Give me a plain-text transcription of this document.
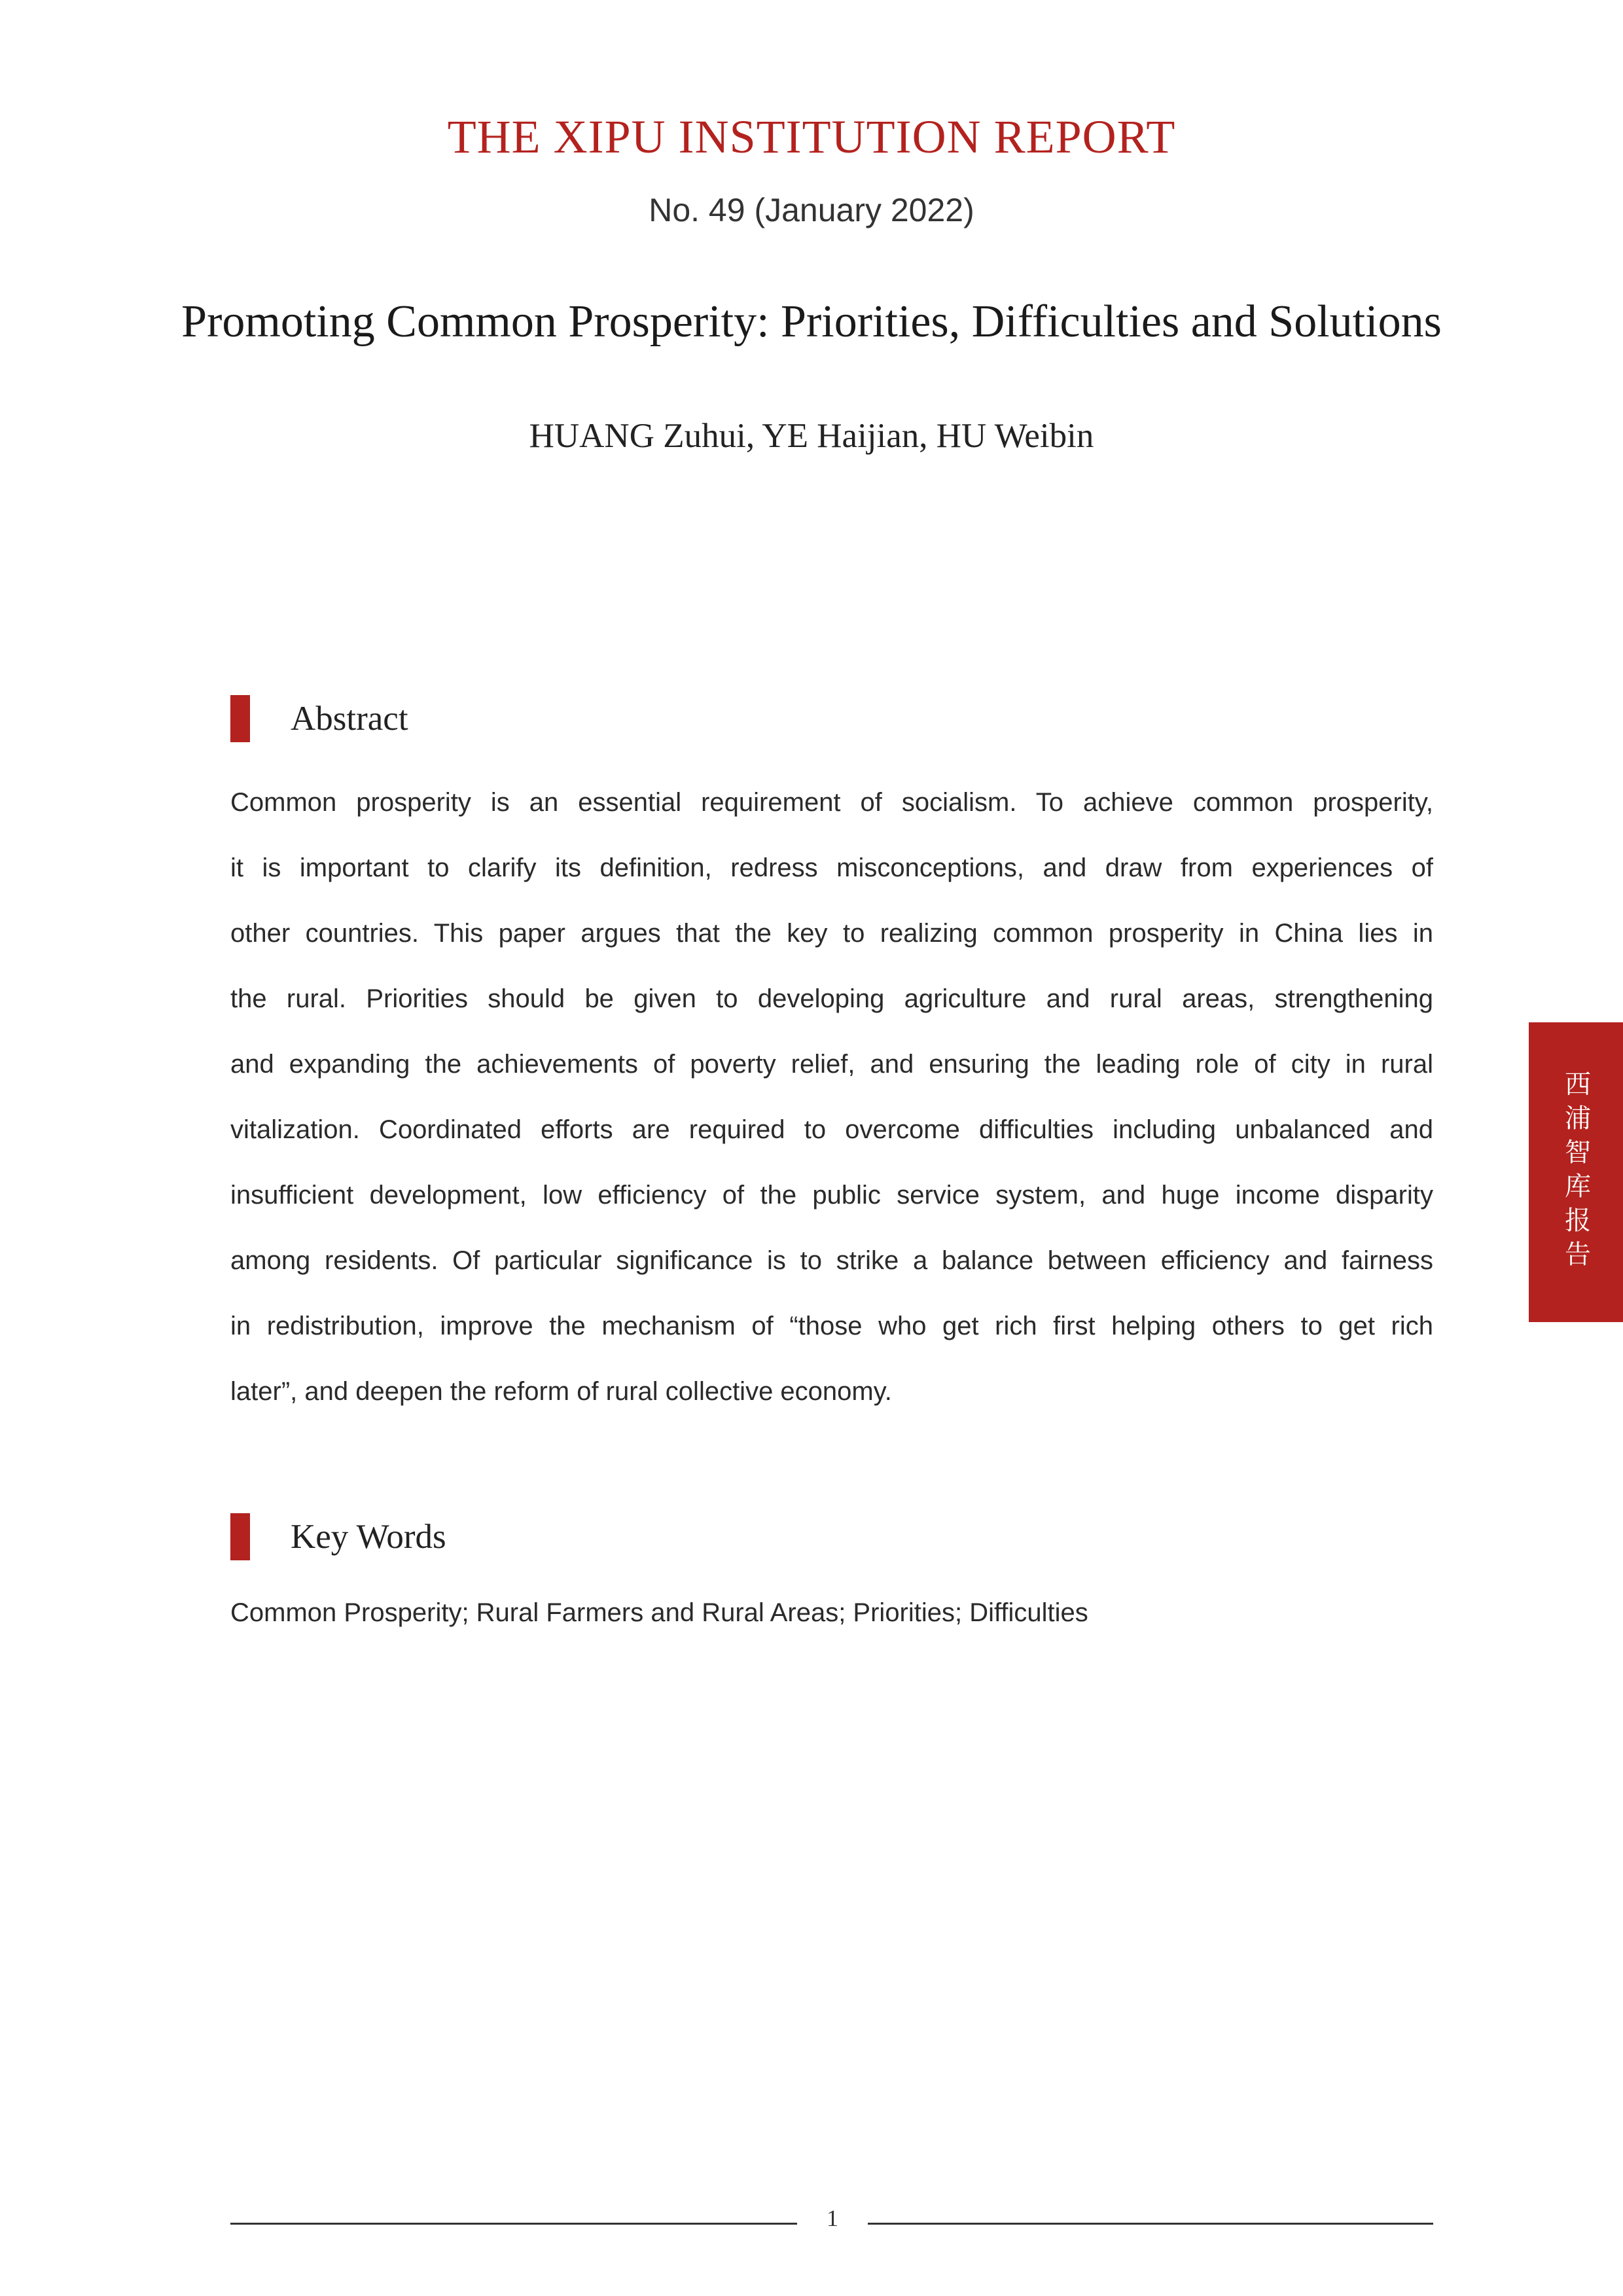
THE XIPU INSTITUTION REPORT
No. 49 (January 2022)
Promoting Common Prosperity: Priorities, Difficulties and Solutions
HUANG Zuhui, YE Haijian, HU Weibin
Abstract
Common prosperity is an essential requirement of socialism. To achieve common prosperity,
it is important to clarify its definition, redress misconceptions, and draw from experiences of
other countries. This paper argues that the key to realizing common prosperity in China lies in
the rural. Priorities should be given to developing agriculture and rural areas, strengthening
and expanding the achievements of poverty relief, and ensuring the leading role of city in rural
vitalization. Coordinated efforts are required to overcome difficulties including unbalanced and
insufficient development, low efficiency of the public service system, and huge income disparity
among residents. Of particular significance is to strike a balance between efficiency and fairness
in redistribution, improve the mechanism of “those who get rich first helping others to get rich
later”, and deepen the reform of rural collective economy.
Key Words
Common Prosperity; Rural Farmers and Rural Areas; Priorities; Difficulties
西浦智库报告
1
